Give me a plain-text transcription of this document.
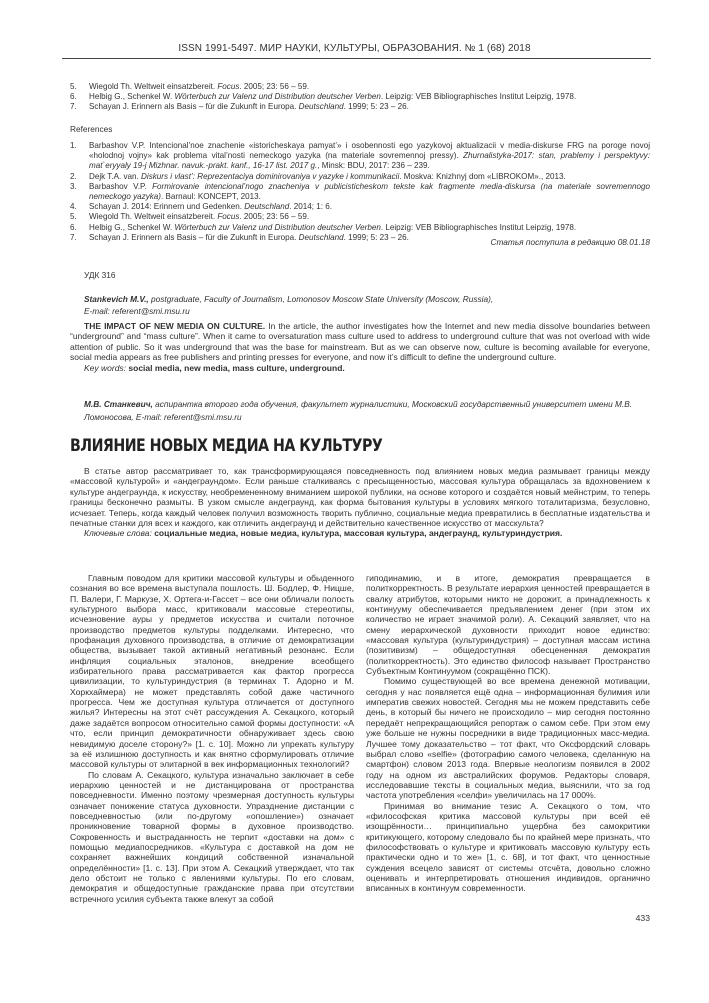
ISSN 1991-5497. МИР НАУКИ, КУЛЬТУРЫ, ОБРАЗОВАНИЯ. № 1 (68) 2018
5. Wiegold Th. Weltweit einsatzbereit. Focus. 2005; 23: 56 – 59.
6. Helbig G., Schenkel W. Wörterbuch zur Valenz und Distribution deutscher Verben. Leipzig: VEB Bibliographisches Institut Leipzig, 1978.
7. Schayan J. Erinnern als Basis – für die Zukunft in Europa. Deutschland. 1999; 5: 23 – 26.
References
1. Barbashov V.P. Intencional’noe znachenie «istoricheskaya pamyat’» i osobennosti ego yazykovoj aktualizacii v media-diskurse FRG na poroge novoj «holodnoj vojny» kak problema vital’nosti nemeckogo yazyka (na materiale sovremennoj pressy). Zhurnalistyka-2017: stan, prablemy i perspektyvy: mat`eryyaly 19-j Mizhnar. navuk.-prakt. kanf., 16-17 list. 2017 g., Minsk: BDU, 2017: 236 – 239.
2. Dejk T.A. van. Diskurs i vlast’: Reprezentaciya dominirovaniya v yazyke i kommunikacii. Moskva: Knizhnyj dom «LIBROKOM»., 2013.
3. Barbashov V.P. Formirovanie intencional’nogo znacheniya v publicisticheskom tekste kak fragmente media-diskursa (na materiale sovremennogo nemeckogo yazyka). Barnaul: KONCEPT, 2013.
4. Schayan J. 2014: Erinnern und Gedenken. Deutschland. 2014; 1: 6.
5. Wiegold Th. Weltweit einsatzbereit. Focus. 2005; 23: 56 – 59.
6. Helbig G., Schenkel W. Wörterbuch zur Valenz und Distribution deutscher Verben. Leipzig: VEB Bibliographisches Institut Leipzig, 1978.
7. Schayan J. Erinnern als Basis – für die Zukunft in Europa. Deutschland. 1999; 5: 23 – 26.	Статья поступила в редакцию 08.01.18
УДК 316
Stankevich M.V., postgraduate, Faculty of Journalism, Lomonosov Moscow State University (Moscow, Russia),
E-mail: referent@smi.msu.ru

THE IMPACT OF NEW MEDIA ON CULTURE. In the article, the author investigates how the Internet and new media dissolve boundaries between “underground” and “mass culture”. When it came to oversaturation mass culture used to address to underground culture that was not overload with wide attention of public. So it was underground that was the base for mainstream. But as we can observe now, culture is becoming available for everyone, social media appears as free publishers and printing presses for everyone, and now it’s difficult to define the underground culture.

Key words: social media, new media, mass culture, underground.

М.В. Станкевич, аспирантка второго года обучения, факультет журналистики, Московский государственный университет имени М.В. Ломоносова, E-mail: referent@smi.msu.ru
ВЛИЯНИЕ НОВЫХ МЕДИА НА КУЛЬТУРУ

В статье автор рассматривает то, как трансформирующаяся повседневность под влиянием новых медиа размывает границы между «массовой культурой» и «андеграундом». Если раньше сталкиваясь с пресыщенностью, массовая культура обращалась за вдохновением к культуре андеграунда, к искусству, необремененному вниманием широкой публики, на основе которого и создаётся новый мейнстрим, то теперь границы бесконечно размыты. В узком смысле андеграунд, как форма бытования культуры в условиях мягкого тоталитаризма, безусловно, исчезает. Теперь, когда каждый человек получил возможность творить публично, социальные медиа превратились в бесплатные издательства и печатные станки для всех и каждого, как отличить андеграунд и действительно качественное искусство от масскульта?

Ключевые слова: социальные медиа, новые медиа, культура, массовая культура, андеграунд, культуриндустрия.

Главным поводом для критики массовой культуры и обыденного сознания во все времена выступала пошлость. Ш. Бодлер, Ф. Ницше, П. Валери, Г. Маркузе, Х. Ортега-и-Гассет – все они обличали полость культурного выбора масс, критиковали массовые стереотипы, исчезновение ауры у предметов искусства и считали поточное производство предметов культуры подделками. Интересно, что профанация духовного производства, в отличие от демократизации общества, вызывает такой активный негативный резонанс. Если инфляция социальных эталонов, внедрение всеобщего избирательного права рассматривается как фактор прогресса цивилизации, то культуриндустрия (в терминах Т. Адорно и М. Хоркхаймера) не может представлять собой даже частичного прогресса. Чем же доступная культура отличается от доступного жилья? Интересны на этот счёт рассуждения А. Секацкого, который даже задаётся вопросом относительно самой формы доступности: «А что, если принцип демократичности обнаруживает здесь свою невидимую доселе сторону?» [1. с. 10]. Можно ли упрекать культуру за её излишнюю доступность и как внятно сформулировать отличие массовой культуры от элитарной в век информационных технологий?

По словам А. Секацкого, культура изначально заключает в себе иерархию ценностей и не дистанцирована от пространства повседневности. Именно поэтому чрезмерная доступность культуры означает понижение статуса духовности. Упразднение дистанции с повседневностью (или по-другому «опошление») означает проникновение товарной формы в духовное производство. Сокровенность и выстраданность не терпит «доставки на дом» с помощью медиапосредников. «Культура с доставкой на дом не сохраняет важнейших кондиций собственной изначальной определённости» [1. с. 13]. При этом А. Секацкий утверждает, что так дело обстоит не только с явлениями культуры. По его словам, демократия и общедоступные гражданские права при отсутствии встречного усилия субъекта также влекут за собой

гиподинамию, и в итоге, демократия превращается в политкорректность. В результате иерархия ценностей превращается в свалку атрибутов, которыми никто не дорожит, а принадлежность к континууму обеспечивается предъявлением денег (при этом их количество не играет значимой роли). А. Секацкий заявляет, что на смену иерархической духовности приходит новое единство: «массовая культура (культуриндустрия) – доступная массам истина (позитивизм) – общедоступная обесцененная демократия (политкорректность). Это единство философ называет Пространство Субъектным Континуумом (сокращённо ПСК).

Помимо существующей во все времена денежной мотивации, сегодня у нас появляется ещё одна – информационная булимия или императив свежих новостей. Сегодня мы не можем представить себе день, в который бы ничего не происходило – мир сегодня постоянно передаёт непрекращающийся репортаж о самом себе. При этом ему уже больше не нужны посредники в виде традиционных масс-медиа. Лучшее тому доказательство – тот факт, что Оксфордский словарь выбрал слово «selfie» (фотографию самого человека, сделанную на смартфон) словом 2013 года. Впервые неологизм появился в 2002 году на одном из австралийских форумов. Редакторы словаря, исследовавшие тексты в социальных медиа, выяснили, что за год частота употребления «селфи» увеличилась на 17 000%.

Принимая во внимание тезис А. Секацкого о том, что «философская критика массовой культуры при всей её изощрённости… принципиально ущербна без самокритики критикующего, которому следовало бы по крайней мере признать, что философствовать о культуре и критиковать массовую культуру есть практически одно и то же» [1, с. 68], и тот факт, что ценностные суждения всецело зависят от системы отсчёта, довольно сложно оценивать и интерпретировать отношения индивидов, органично вписанных в континуум современности.

433
